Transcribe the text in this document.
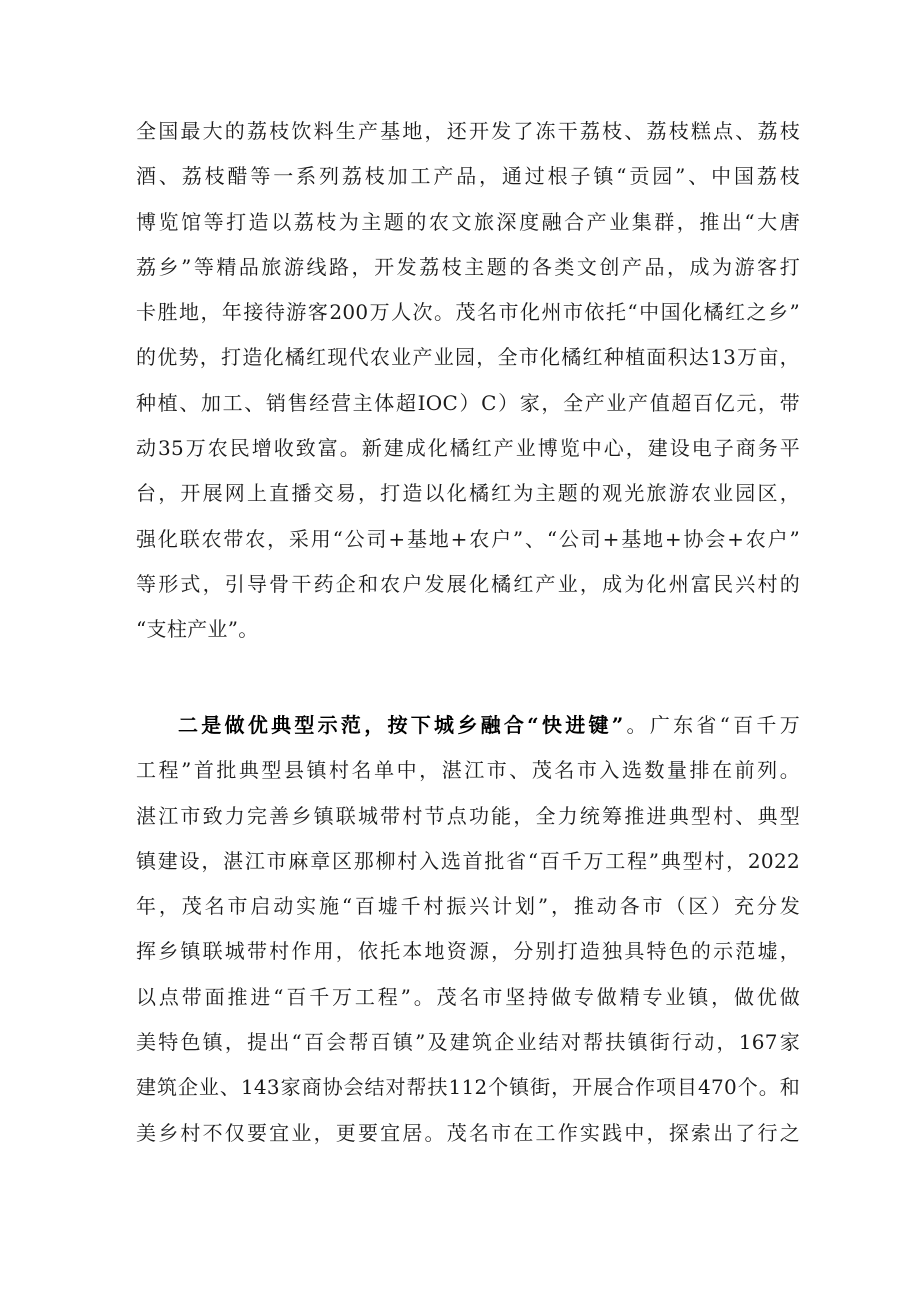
全国最大的荔枝饮料生产基地，还开发了冻干荔枝、荔枝糕点、荔枝
酒、荔枝醋等一系列荔枝加工产品，通过根子镇“贡园”、中国荔枝
博览馆等打造以荔枝为主题的农文旅深度融合产业集群，推出“大唐
荔乡”等精品旅游线路，开发荔枝主题的各类文创产品，成为游客打
卡胜地，年接待游客200万人次。茂名市化州市依托“中国化橘红之乡”
的优势，打造化橘红现代农业产业园，全市化橘红种植面积达13万亩，
种植、加工、销售经营主体超IOC）C）家，全产业产值超百亿元，带
动35万农民增收致富。新建成化橘红产业博览中心，建设电子商务平
台，开展网上直播交易，打造以化橘红为主题的观光旅游农业园区，
强化联农带农，采用“公司+基地+农户”、“公司+基地+协会+农户”
等形式，引导骨干药企和农户发展化橘红产业，成为化州富民兴村的
“支柱产业”。
二是做优典型示范，按下城乡融合“快进键”。广东省“百千万
工程”首批典型县镇村名单中，湛江市、茂名市入选数量排在前列。
湛江市致力完善乡镇联城带村节点功能，全力统筹推进典型村、典型
镇建设，湛江市麻章区那柳村入选首批省“百千万工程”典型村，2022
年，茂名市启动实施“百墟千村振兴计划”，推动各市（区）充分发
挥乡镇联城带村作用，依托本地资源，分别打造独具特色的示范墟，
以点带面推进“百千万工程”。茂名市坚持做专做精专业镇，做优做
美特色镇，提出“百会帮百镇”及建筑企业结对帮扶镇街行动，167家
建筑企业、143家商协会结对帮扶112个镇街，开展合作项目470个。和
美乡村不仅要宜业，更要宜居。茂名市在工作实践中，探索出了行之
